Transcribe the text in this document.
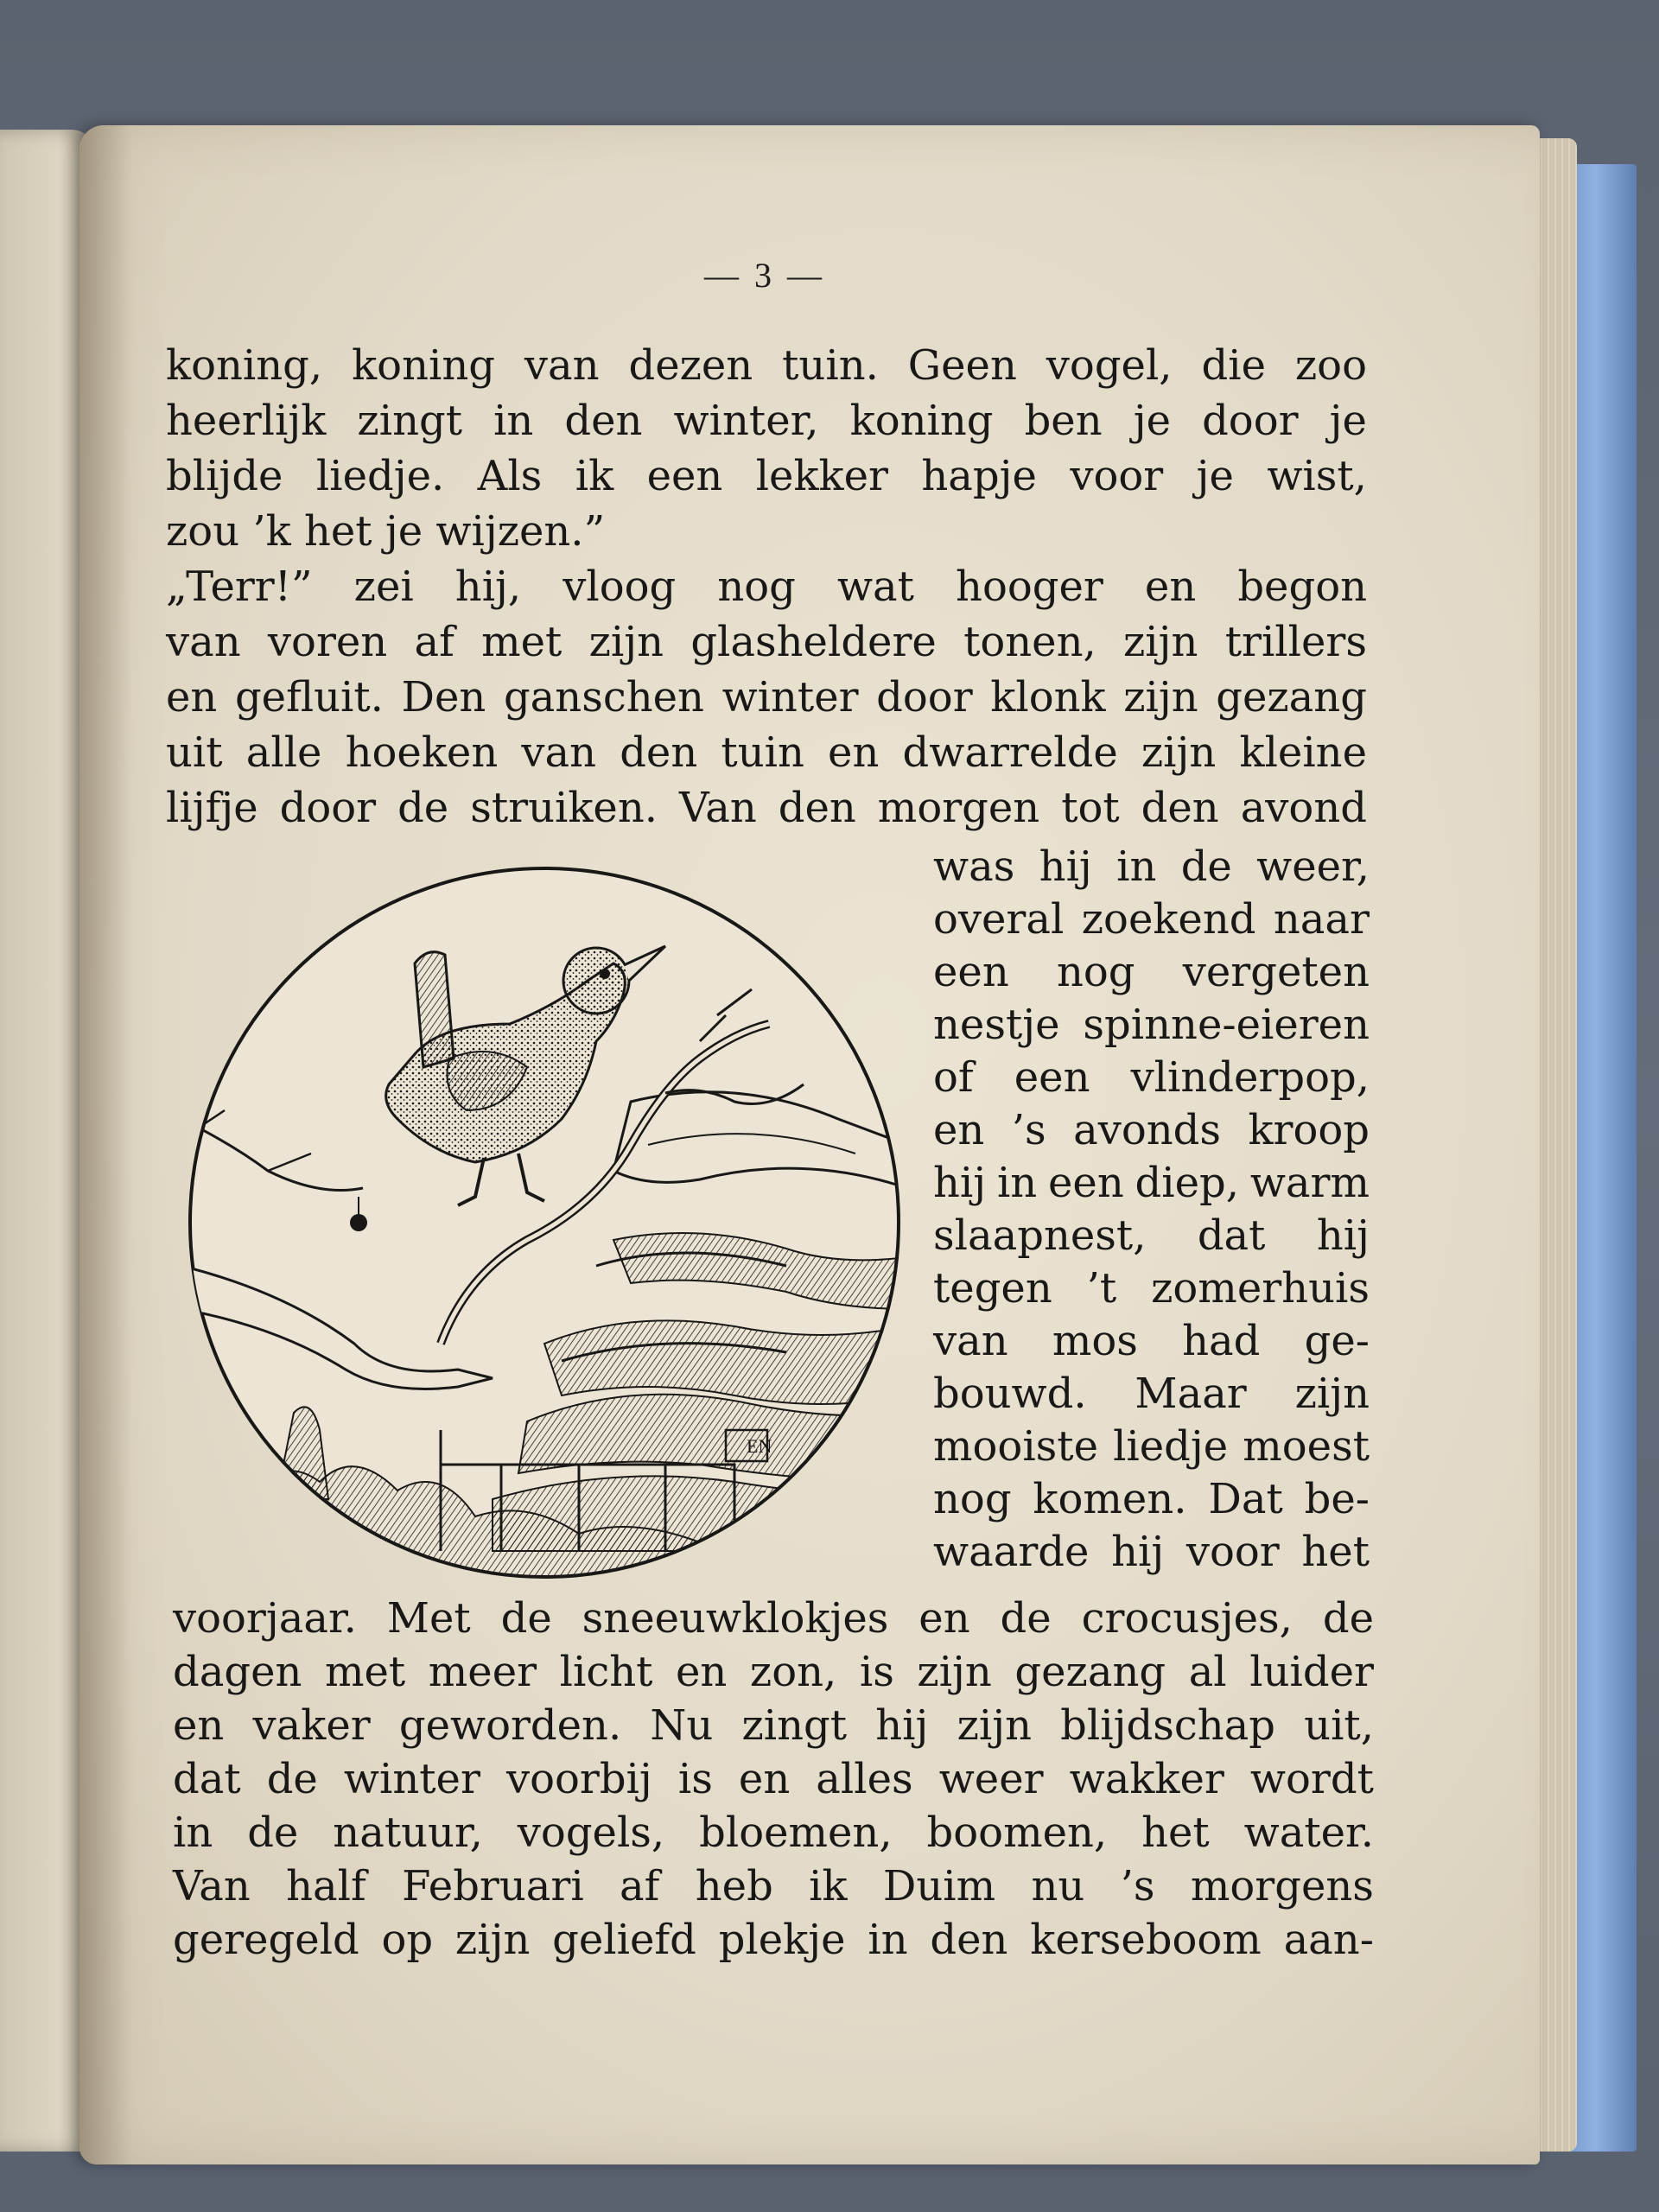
— 3 —
koning, koning van dezen tuin. Geen vogel, die zoo
heerlijk zingt in den winter, koning ben je door je
blijde liedje. Als ik een lekker hapje voor je wist,
zou ’k het je wijzen.”
„Terr!” zei hij, vloog nog wat hooger en begon
van voren af met zijn glasheldere tonen, zijn trillers
en gefluit. Den ganschen winter door klonk zijn gezang
uit alle hoeken van den tuin en dwarrelde zijn kleine
lijfje door de struiken. Van den morgen tot den avond
was hij in de weer,
overal zoekend naar
een nog vergeten
nestje spinne-eieren
of een vlinderpop,
en ’s avonds kroop
hij in een diep, warm
slaapnest, dat hij
tegen ’t zomerhuis
van mos had ge-
bouwd. Maar zijn
mooiste liedje moest
nog komen. Dat be-
waarde hij voor het
voorjaar. Met de sneeuwklokjes en de crocusjes, de
dagen met meer licht en zon, is zijn gezang al luider
en vaker geworden. Nu zingt hij zijn blijdschap uit,
dat de winter voorbij is en alles weer wakker wordt
in de natuur, vogels, bloemen, boomen, het water.
Van half Februari af heb ik Duim nu ’s morgens
geregeld op zijn geliefd plekje in den kerseboom aan-
EN
